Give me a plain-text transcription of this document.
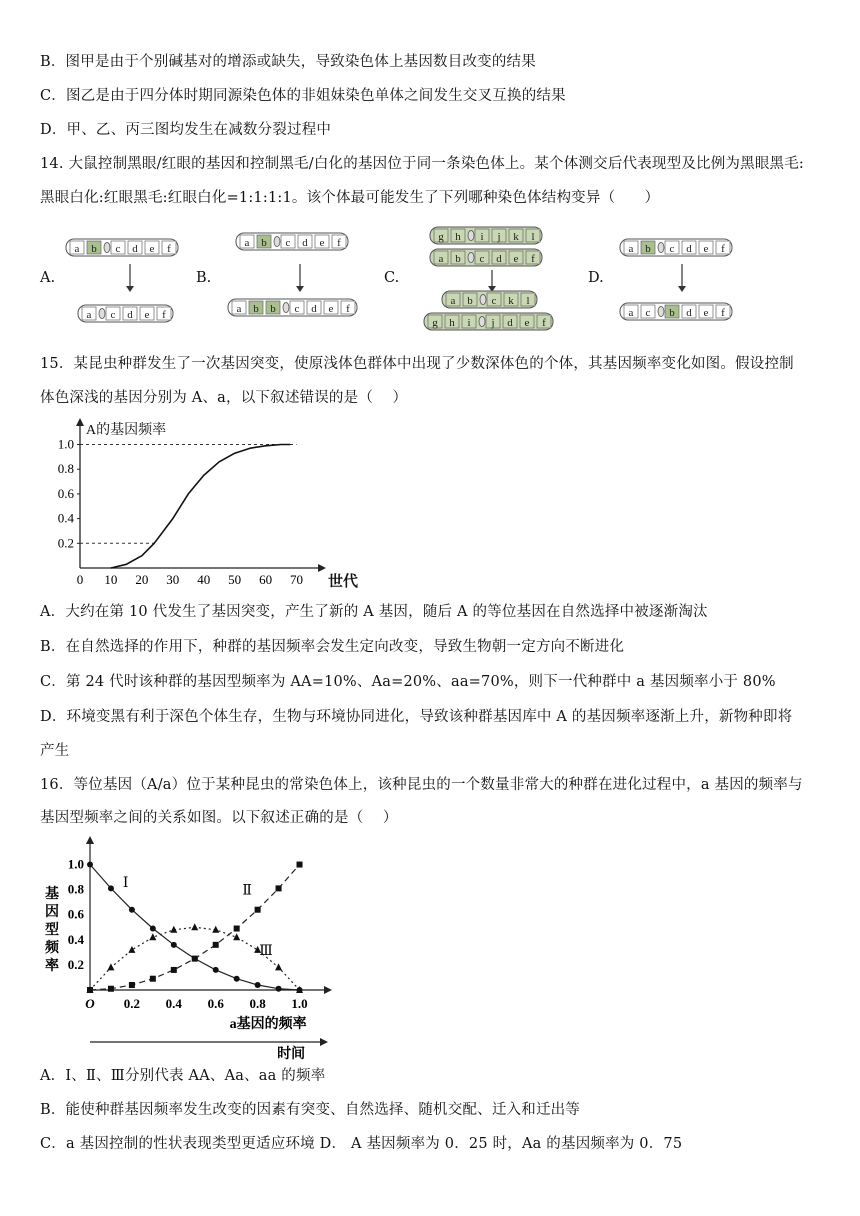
B．图甲是由于个别碱基对的增添或缺失，导致染色体上基因数目改变的结果
C．图乙是由于四分体时期同源染色体的非姐妹染色单体之间发生交叉互换的结果
D．甲、乙、丙三图均发生在减数分裂过程中
14. 大鼠控制黑眼/红眼的基因和控制黑毛/白化的基因位于同一条染色体上。某个体测交后代表现型及比例为黑眼黑毛:
黑眼白化:红眼黑毛:红眼白化=1:1:1:1。该个体最可能发生了下列哪种染色体结构变异（　　）
A.	B.	C.	D.
a b c d e f
a c d e f
a b c d e f
a b b c d e f
g h i j k l
a b c d e f
a b c k l
g h i j d e f
a b c d e f
a c b d e f
15．某昆虫种群发生了一次基因突变，使原浅体色群体中出现了少数深体色的个体，其基因频率变化如图。假设控制
体色深浅的基因分别为 A、a，以下叙述错误的是（　 ）
A的基因频率
世代
0 10 20 30 40 50 60 70
0.2
0.4
0.6
0.8
1.0
A．大约在第 10 代发生了基因突变，产生了新的 A 基因，随后 A 的等位基因在自然选择中被逐渐淘汰
B．在自然选择的作用下，种群的基因频率会发生定向改变，导致生物朝一定方向不断进化
C．第 24 代时该种群的基因型频率为 AA=10%、Aa=20%、aa=70%，则下一代种群中 a 基因频率小于 80%
D．环境变黑有利于深色个体生存，生物与环境协同进化，导致该种群基因库中 A 的基因频率逐渐上升，新物种即将
产生
16．等位基因（A/a）位于某种昆虫的常染色体上，该种昆虫的一个数量非常大的种群在进化过程中，a 基因的频率与
基因型频率之间的关系如图。以下叙述正确的是（　 ）
基
因
型
频
率
O 0.2 0.4 0.6 0.8 1.0
0.2
0.4
0.6
0.8
1.0
a基因的频率
时间
Ⅰ
Ⅱ
Ⅲ
A．Ⅰ、Ⅱ、Ⅲ分别代表 AA、Aa、aa 的频率
B．能使种群基因频率发生改变的因素有突变、自然选择、随机交配、迁入和迁出等
C．a 基因控制的性状表现类型更适应环境 D． A 基因频率为 0．25 时，Aa 的基因频率为 0．75
